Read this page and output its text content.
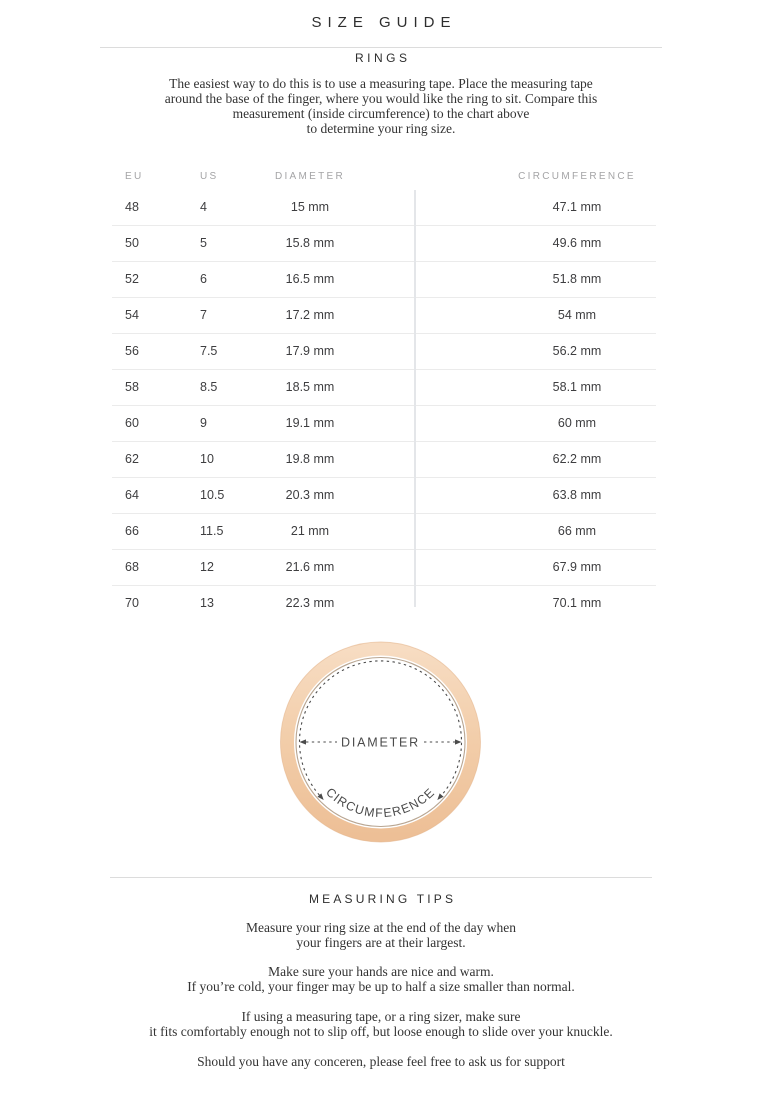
SIZE GUIDE
RINGS
The easiest way to do this is to use a measuring tape. Place the measuring tape
around the base of the finger, where you would like the ring to sit. Compare this
measurement (inside circumference) to the chart above
to determine your ring size.
EU	US	DIAMETER	CIRCUMFERENCE
48	4	15 mm	47.1 mm
50	5	15.8 mm	49.6 mm
52	6	16.5 mm	51.8 mm
54	7	17.2 mm	54 mm
56	7.5	17.9 mm	56.2 mm
58	8.5	18.5 mm	58.1 mm
60	9	19.1 mm	60 mm
62	10	19.8 mm	62.2 mm
64	10.5	20.3 mm	63.8 mm
66	11.5	21 mm	66 mm
68	12	21.6 mm	67.9 mm
70	13	22.3 mm	70.1 mm
DIAMETER
CIRCUMFERENCE
MEASURING TIPS
Measure your ring size at the end of the day when
your fingers are at their largest.
Make sure your hands are nice and warm.
If you’re cold, your finger may be up to half a size smaller than normal.
If using a measuring tape, or a ring sizer, make sure
it fits comfortably enough not to slip off, but loose enough to slide over your knuckle.
Should you have any conceren, please feel free to ask us for support
